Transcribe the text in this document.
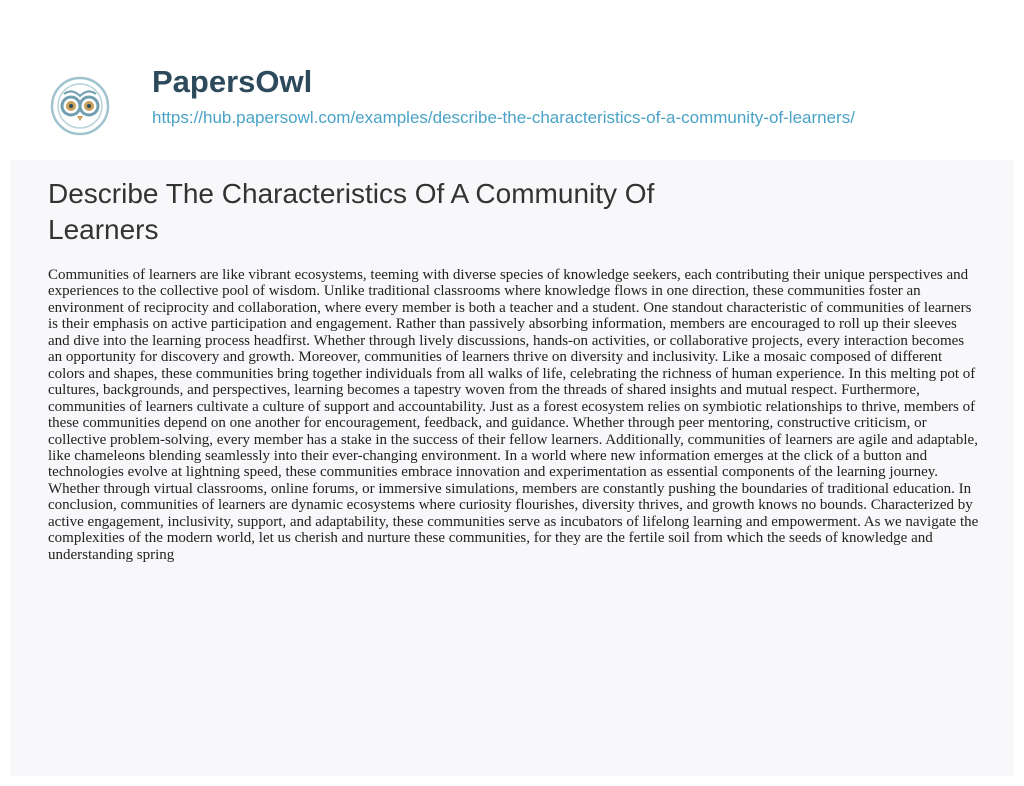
PapersOwl
https://hub.papersowl.com/examples/describe-the-characteristics-of-a-community-of-learners/
Describe The Characteristics Of A Community Of Learners

Communities of learners are like vibrant ecosystems, teeming with diverse species of knowledge seekers, each contributing their unique perspectives and experiences to the collective pool of wisdom. Unlike traditional classrooms where knowledge flows in one direction, these communities foster an environment of reciprocity and collaboration, where every member is both a teacher and a student. One standout characteristic of communities of learners is their emphasis on active participation and engagement. Rather than passively absorbing information, members are encouraged to roll up their sleeves and dive into the learning process headfirst. Whether through lively discussions, hands-on activities, or collaborative projects, every interaction becomes an opportunity for discovery and growth. Moreover, communities of learners thrive on diversity and inclusivity. Like a mosaic composed of different colors and shapes, these communities bring together individuals from all walks of life, celebrating the richness of human experience. In this melting pot of cultures, backgrounds, and perspectives, learning becomes a tapestry woven from the threads of shared insights and mutual respect. Furthermore, communities of learners cultivate a culture of support and accountability. Just as a forest ecosystem relies on symbiotic relationships to thrive, members of these communities depend on one another for encouragement, feedback, and guidance. Whether through peer mentoring, constructive criticism, or collective problem-solving, every member has a stake in the success of their fellow learners. Additionally, communities of learners are agile and adaptable, like chameleons blending seamlessly into their ever-changing environment. In a world where new information emerges at the click of a button and technologies evolve at lightning speed, these communities embrace innovation and experimentation as essential components of the learning journey. Whether through virtual classrooms, online forums, or immersive simulations, members are constantly pushing the boundaries of traditional education. In conclusion, communities of learners are dynamic ecosystems where curiosity flourishes, diversity thrives, and growth knows no bounds. Characterized by active engagement, inclusivity, support, and adaptability, these communities serve as incubators of lifelong learning and empowerment. As we navigate the complexities of the modern world, let us cherish and nurture these communities, for they are the fertile soil from which the seeds of knowledge and understanding spring
